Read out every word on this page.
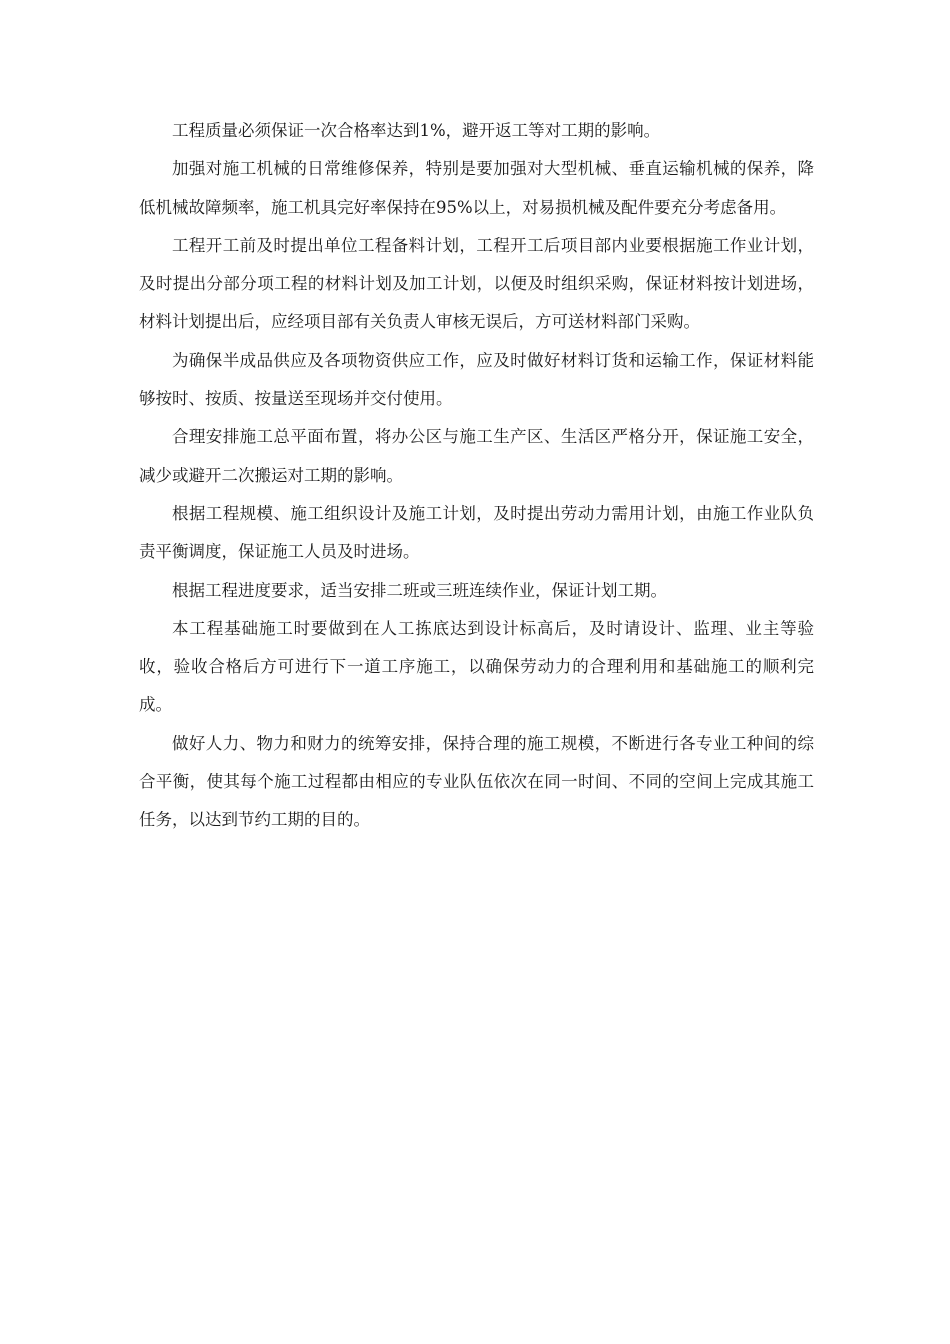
工程质量必须保证一次合格率达到1%，避开返工等对工期的影响。

加强对施工机械的日常维修保养，特别是要加强对大型机械、垂直运输机械的保养，降低机械故障频率，施工机具完好率保持在95%以上，对易损机械及配件要充分考虑备用。

工程开工前及时提出单位工程备料计划，工程开工后项目部内业要根据施工作业计划，及时提出分部分项工程的材料计划及加工计划，以便及时组织采购，保证材料按计划进场，材料计划提出后，应经项目部有关负责人审核无误后，方可送材料部门采购。

为确保半成品供应及各项物资供应工作，应及时做好材料订货和运输工作，保证材料能够按时、按质、按量送至现场并交付使用。

合理安排施工总平面布置，将办公区与施工生产区、生活区严格分开，保证施工安全，减少或避开二次搬运对工期的影响。

根据工程规模、施工组织设计及施工计划，及时提出劳动力需用计划，由施工作业队负责平衡调度，保证施工人员及时进场。

根据工程进度要求，适当安排二班或三班连续作业，保证计划工期。

本工程基础施工时要做到在人工拣底达到设计标高后，及时请设计、监理、业主等验收，验收合格后方可进行下一道工序施工，以确保劳动力的合理利用和基础施工的顺利完成。

做好人力、物力和财力的统筹安排，保持合理的施工规模，不断进行各专业工种间的综合平衡，使其每个施工过程都由相应的专业队伍依次在同一时间、不同的空间上完成其施工任务，以达到节约工期的目的。
